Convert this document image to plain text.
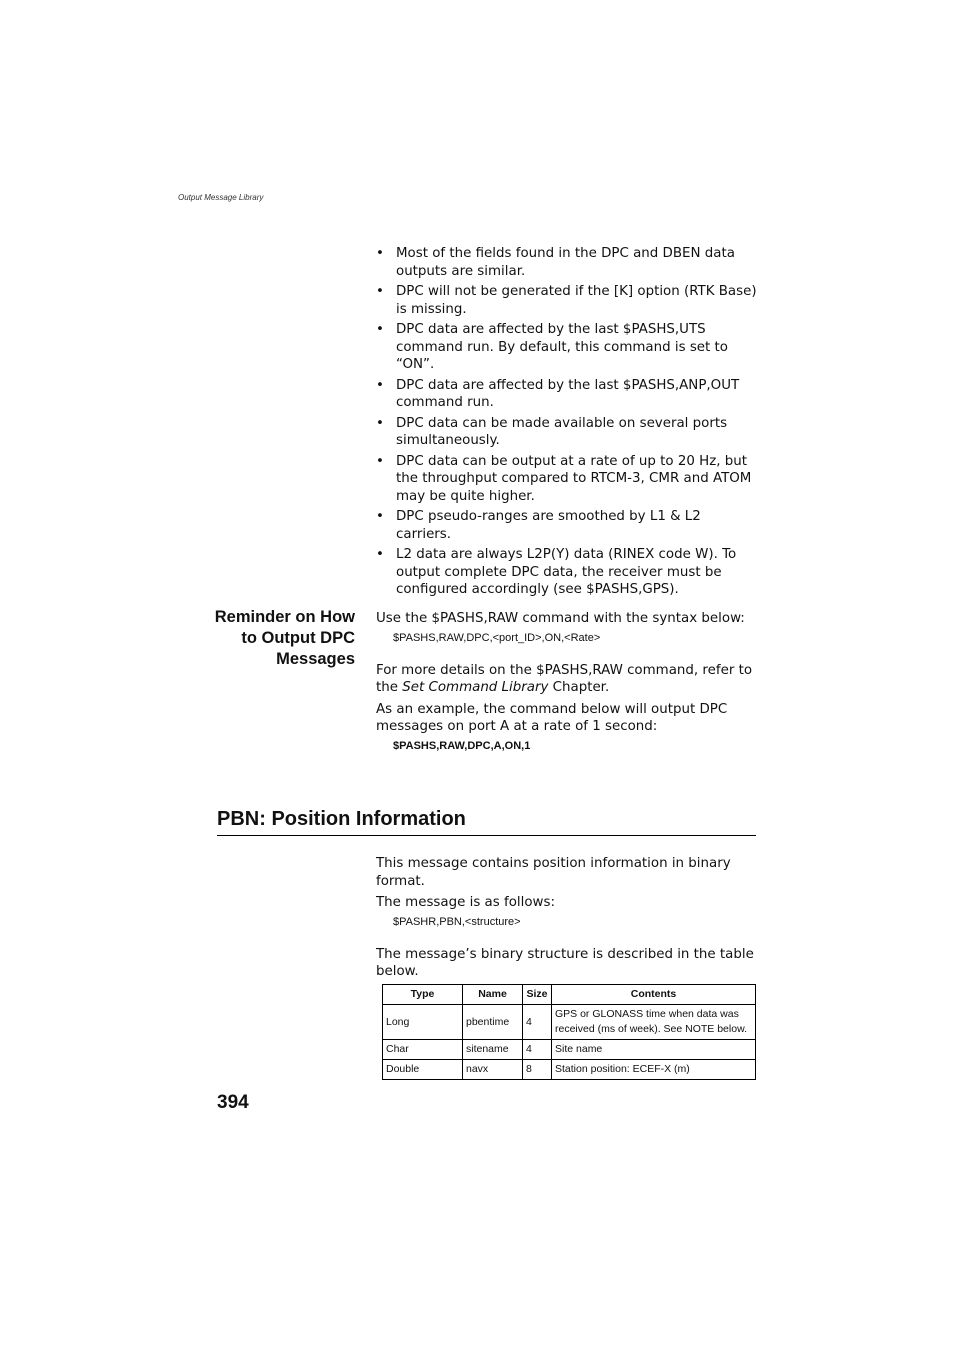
Output Message Library
• Most of the fields found in the DPC and DBEN data outputs are similar.
• DPC will not be generated if the [K] option (RTK Base) is missing.
• DPC data are affected by the last $PASHS,UTS command run. By default, this command is set to “ON”.
• DPC data are affected by the last $PASHS,ANP,OUT command run.
• DPC data can be made available on several ports simultaneously.
• DPC data can be output at a rate of up to 20 Hz, but the throughput compared to RTCM-3, CMR and ATOM may be quite higher.
• DPC pseudo-ranges are smoothed by L1 & L2 carriers.
• L2 data are always L2P(Y) data (RINEX code W). To output complete DPC data, the receiver must be configured accordingly (see $PASHS,GPS).
Reminder on How
to Output DPC
Messages

Use the $PASHS,RAW command with the syntax below:

$PASHS,RAW,DPC,<port_ID>,ON,<Rate>

For more details on the $PASHS,RAW command, refer to the Set Command Library Chapter.

As an example, the command below will output DPC messages on port A at a rate of 1 second:

$PASHS,RAW,DPC,A,ON,1

PBN: Position Information

This message contains position information in binary format.

The message is as follows:

$PASHR,PBN,<structure>

The message’s binary structure is described in the table below.

Type	Name	Size	Contents
Long	pbentime	4	GPS or GLONASS time when data was received (ms of week). See NOTE below.
Char	sitename	4	Site name
Double	navx	8	Station position: ECEF-X (m)
394
